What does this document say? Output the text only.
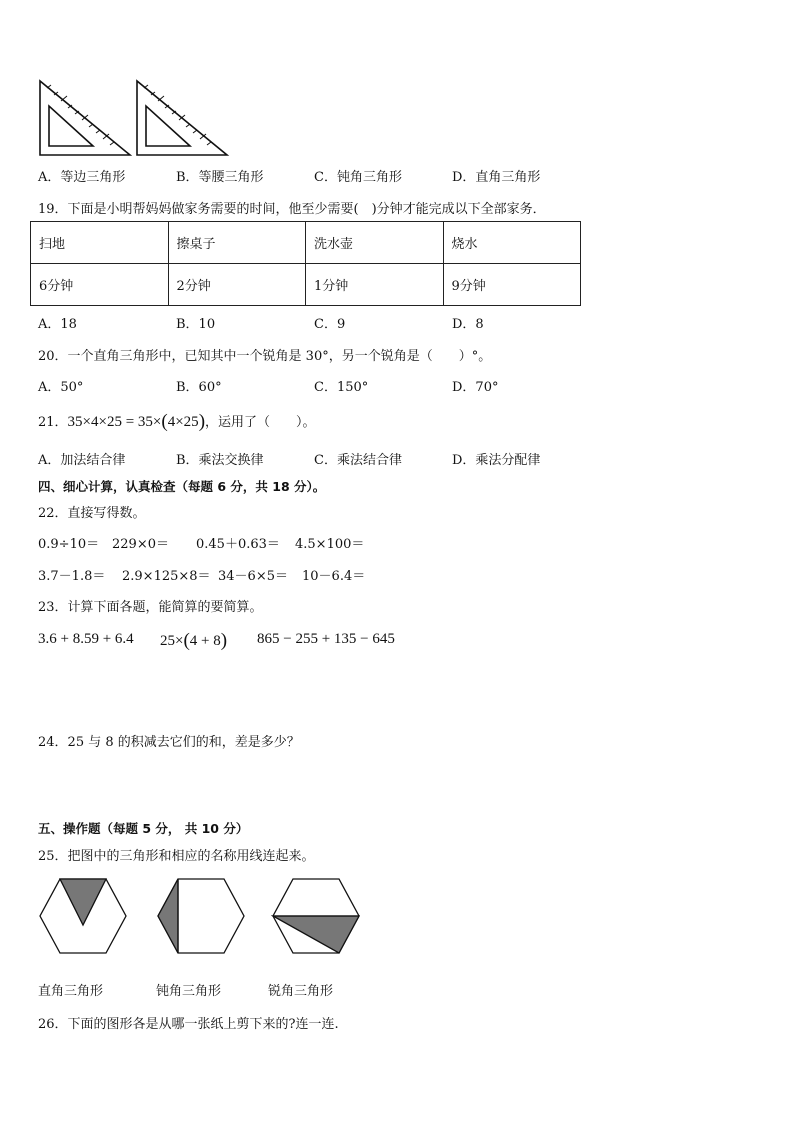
A．等边三角形	B．等腰三角形	C．钝角三角形	D．直角三角形
19．下面是小明帮妈妈做家务需要的时间，他至少需要(　)分钟才能完成以下全部家务．
扫地	擦桌子	洗水壶	烧水
6分钟	2分钟	1分钟	9分钟
A．18	B．10	C．9	D．8
20．一个直角三角形中，已知其中一个锐角是 30°，另一个锐角是（　　）°。
A．50°	B．60°	C．150°	D．70°
21．35×4×25 = 35×(4×25)，运用了（　　）。
A．加法结合律	B．乘法交换律	C．乘法结合律	D．乘法分配律
四、细心计算，认真检查（每题 6 分，共 18 分）。
22．直接写得数。
0.9÷10＝ 229×0＝ 0.45＋0.63＝ 4.5×100＝
3.7－1.8＝ 2.9×125×8＝ 34－6×5＝ 10－6.4＝
23．计算下面各题，能简算的要简算。
3.6 + 8.59 + 6.4 25×(4 + 8) 865 − 255 + 135 − 645
24．25 与 8 的积减去它们的和，差是多少？
五、操作题（每题 5 分， 共 10 分）
25．把图中的三角形和相应的名称用线连起来。
直角三角形	钝角三角形	锐角三角形
26．下面的图形各是从哪一张纸上剪下来的?连一连.
